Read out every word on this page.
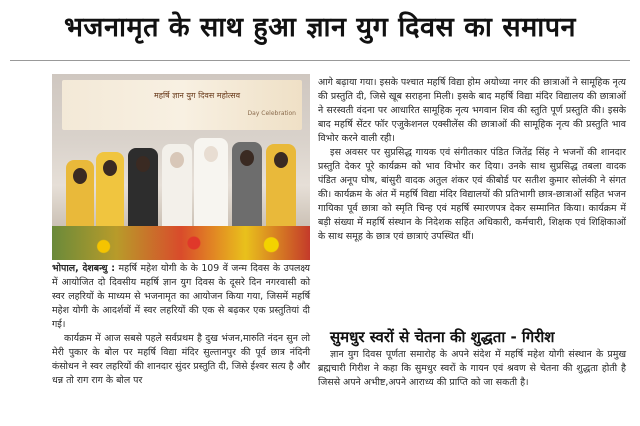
भजनामृत के साथ हुआ ज्ञान युग दिवस का समापन
महर्षि ज्ञान युग दिवस महोत्सव
Day Celebration

भोपाल, देशबन्धु : महर्षि महेश योगी के के 109 वें जन्म दिवस के उपलक्ष्य में आयोजित दो दिवसीय महर्षि ज्ञान युग दिवस के दूसरे दिन नगरवासी को स्वर लहरियों के माध्यम से भजनामृत का आयोजन किया गया, जिसमें महर्षि महेश योगी के आदर्शवों में स्वर लहरियों की एक से बढ़कर एक प्रस्तुतियां दी गई।

कार्यक्रम में आज सबसे पहले सर्वप्रथम है दुख भंजन,मारुति नंदन सुन लो मेरी पुकार के बोल पर महर्षि विद्या मंदिर सुल्तानपुर की पूर्व छात्र नंदिनी कंसोधन ने स्वर लहरियों की शानदार सुंदर प्रस्तुति दी, जिसे ईश्वर सत्य है और धन्न तो राग राग के बोल पर

आगे बढ़ाया गया। इसके पश्चात महर्षि विद्या होम अयोध्या नगर की छात्राओं ने सामूहिक नृत्य की प्रस्तुति दी, जिसे खूब सराहना मिली। इसके बाद महर्षि विद्या मंदिर विद्यालय की छात्राओं ने सरस्वती वंदना पर आधारित सामूहिक नृत्य भगवान शिव की स्तुति पूर्ण प्रस्तुति की। इसके बाद महर्षि सेंटर फॉर एजुकेशनल एक्सीलेंस की छात्राओं की सामूहिक नृत्य की प्रस्तुति भाव विभोर करने वाली रही।

इस अवसर पर सुप्रसिद्ध गायक एवं संगीतकार पंडित जितेंद्र सिंह ने भजनों की शानदार प्रस्तुति देकर पूरे कार्यक्रम को भाव विभोर कर दिया। उनके साथ सुप्रसिद्ध तबला वादक पंडित अनूप घोष, बांसुरी वादक अतुल शंकर एवं कीबोर्ड पर सतीश कुमार सोलंकी ने संगत की। कार्यक्रम के अंत में महर्षि विद्या मंदिर विद्यालयों की प्रतिभागी छात्र-छात्राओं सहित भजन गायिका पूर्व छात्रा को स्मृति चिन्ह एवं महर्षि स्मारणपत्र देकर सम्मानित किया। कार्यक्रम में बड़ी संख्या में महर्षि संस्थान के निदेशक सहित अधिकारी, कर्मचारी, शिक्षक एवं शिक्षिकाओं के साथ समूह के छात्र एवं छात्राएं उपस्थित थीं।

सुमधुर स्वरों से चेतना की शुद्धता - गिरीश

ज्ञान युग दिवस पूर्णता समारोह के अपने संदेश में महर्षि महेश योगी संस्थान के प्रमुख ब्रह्मचारी गिरीश ने कहा कि सुमधुर स्वरों के गायन एवं श्रवण से चेतना की शुद्धता होती है जिससे अपने अभीष्ट,अपने आराध्य की प्राप्ति को जा सकती है।
